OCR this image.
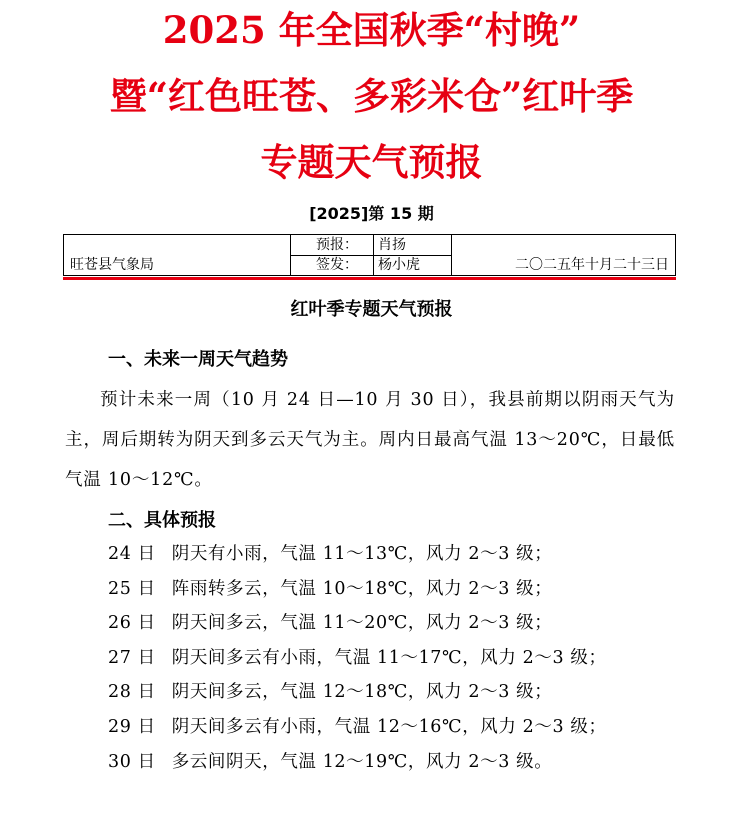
2025 年全国秋季“村晚”
暨“红色旺苍、多彩米仓”红叶季
专题天气预报
[2025]第 15 期
旺苍县气象局
预报： 肖扬
签发： 杨小虎	二〇二五年十月二十三日
红叶季专题天气预报
一、未来一周天气趋势
预计未来一周（10 月 24 日—10 月 30 日），我县前期以阴雨天气为主，周后期转为阴天到多云天气为主。周内日最高气温 13～20℃，日最低气温 10～12℃。
二、具体预报
24 日 阴天有小雨，气温 11～13℃，风力 2～3 级；
25 日 阵雨转多云，气温 10～18℃，风力 2～3 级；
26 日 阴天间多云，气温 11～20℃，风力 2～3 级；
27 日 阴天间多云有小雨，气温 11～17℃，风力 2～3 级；
28 日 阴天间多云，气温 12～18℃，风力 2～3 级；
29 日 阴天间多云有小雨，气温 12～16℃，风力 2～3 级；
30 日 多云间阴天，气温 12～19℃，风力 2～3 级。
